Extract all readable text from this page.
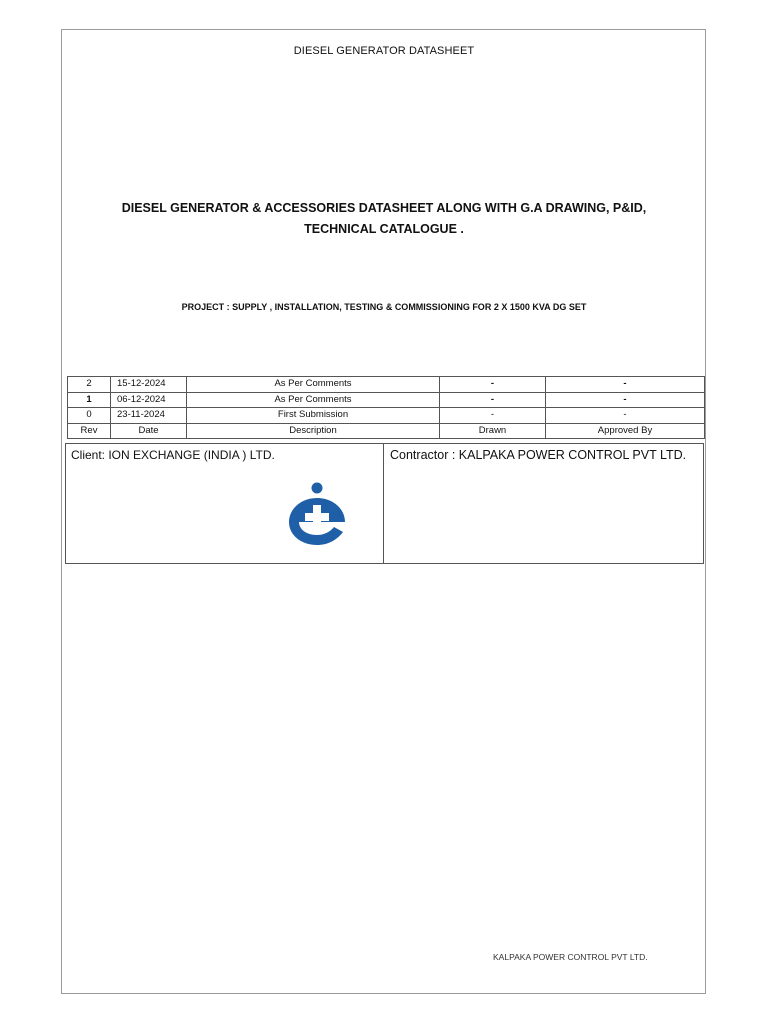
DIESEL GENERATOR DATASHEET
DIESEL GENERATOR & ACCESSORIES DATASHEET ALONG WITH G.A DRAWING, P&ID,
TECHNICAL CATALOGUE .
PROJECT : SUPPLY , INSTALLATION, TESTING & COMMISSIONING FOR 2 X 1500 KVA DG SET
2	15-12-2024	As Per Comments	-	-
1	06-12-2024	As Per Comments	-	-
0	23-11-2024	First Submission	-	-
Rev	Date	Description	Drawn	Approved By
Client: ION EXCHANGE (INDIA ) LTD.	Contractor : KALPAKA POWER CONTROL PVT LTD.
KALPAKA POWER CONTROL PVT LTD.
